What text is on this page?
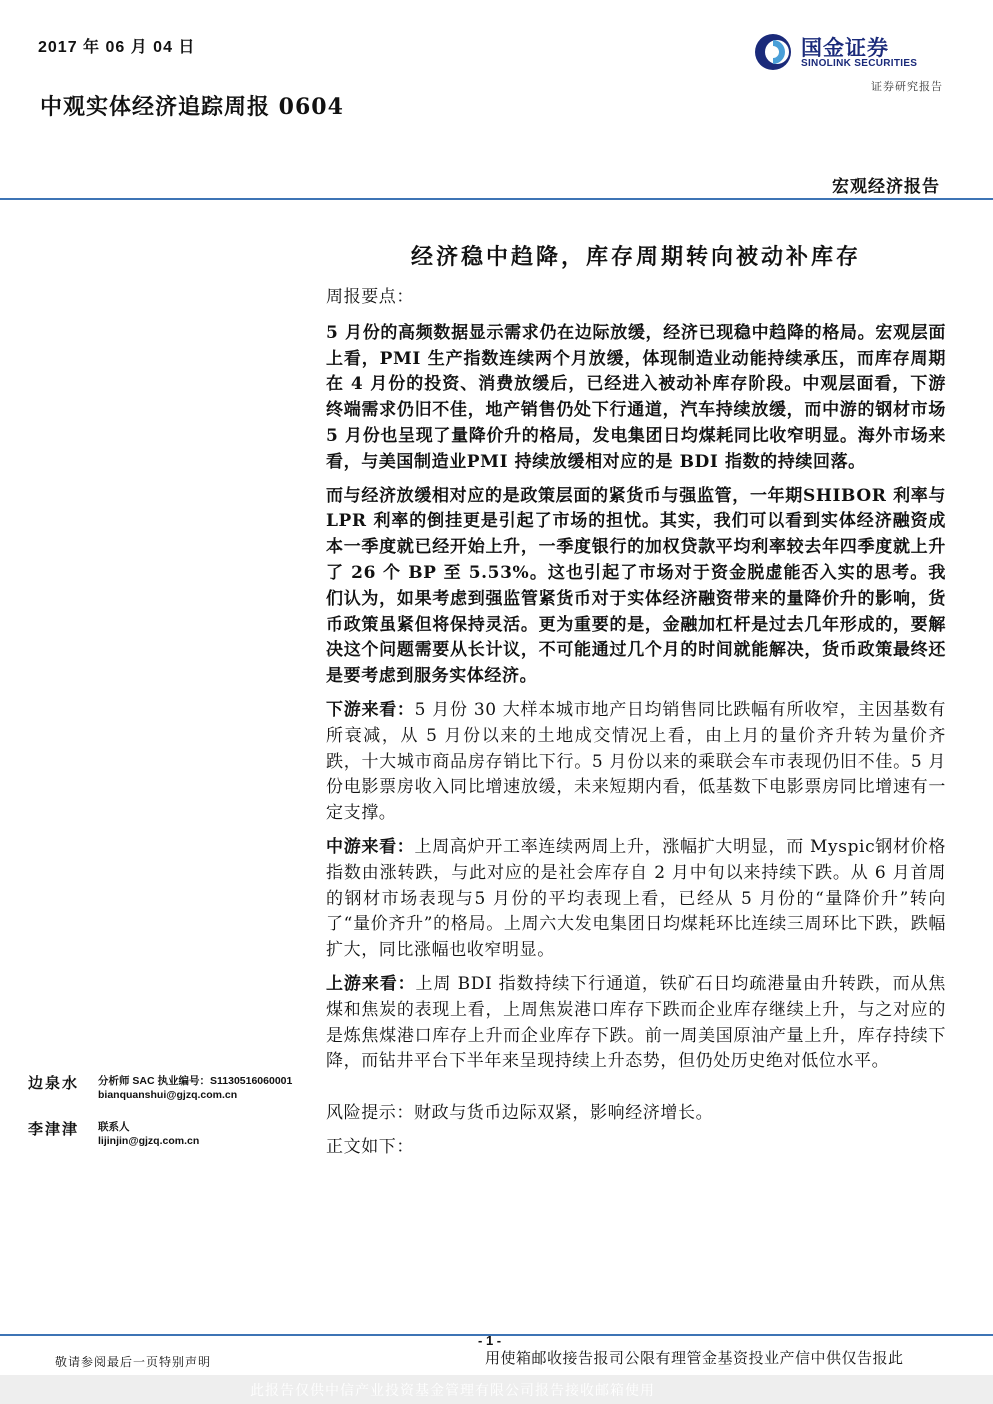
2017 年 06 月 04 日
中观实体经济追踪周报 0604
国金证券
SINOLINK SECURITIES
证券研究报告
宏观经济报告
经济稳中趋降，库存周期转向被动补库存

周报要点：

5 月份的高频数据显示需求仍在边际放缓，经济已现稳中趋降的格局。宏观层面上看，PMI 生产指数连续两个月放缓，体现制造业动能持续承压，而库存周期在 4 月份的投资、消费放缓后，已经进入被动补库存阶段。中观层面看，下游终端需求仍旧不佳，地产销售仍处下行通道，汽车持续放缓，而中游的钢材市场 5 月份也呈现了量降价升的格局，发电集团日均煤耗同比收窄明显。海外市场来看，与美国制造业PMI 持续放缓相对应的是 BDI 指数的持续回落。

而与经济放缓相对应的是政策层面的紧货币与强监管，一年期SHIBOR 利率与 LPR 利率的倒挂更是引起了市场的担忧。其实，我们可以看到实体经济融资成本一季度就已经开始上升，一季度银行的加权贷款平均利率较去年四季度就上升了 26 个 BP 至 5.53%。这也引起了市场对于资金脱虚能否入实的思考。我们认为，如果考虑到强监管紧货币对于实体经济融资带来的量降价升的影响，货币政策虽紧但将保持灵活。更为重要的是，金融加杠杆是过去几年形成的，要解决这个问题需要从长计议，不可能通过几个月的时间就能解决，货币政策最终还是要考虑到服务实体经济。

下游来看：5 月份 30 大样本城市地产日均销售同比跌幅有所收窄，主因基数有所衰减，从 5 月份以来的土地成交情况上看，由上月的量价齐升转为量价齐跌，十大城市商品房存销比下行。5 月份以来的乘联会车市表现仍旧不佳。5 月份电影票房收入同比增速放缓，未来短期内看，低基数下电影票房同比增速有一定支撑。

中游来看：上周高炉开工率连续两周上升，涨幅扩大明显，而 Myspic钢材价格指数由涨转跌，与此对应的是社会库存自 2 月中旬以来持续下跌。从 6 月首周的钢材市场表现与5 月份的平均表现上看，已经从 5 月份的“量降价升”转向了“量价齐升”的格局。上周六大发电集团日均煤耗环比连续三周环比下跌，跌幅扩大，同比涨幅也收窄明显。

上游来看：上周 BDI 指数持续下行通道，铁矿石日均疏港量由升转跌，而从焦煤和焦炭的表现上看，上周焦炭港口库存下跌而企业库存继续上升，与之对应的是炼焦煤港口库存上升而企业库存下跌。前一周美国原油产量上升，库存持续下降，而钻井平台下半年来呈现持续上升态势，但仍处历史绝对低位水平。

风险提示：财政与货币边际双紧，影响经济增长。

正文如下：

边泉水 分析师 SAC 执业编号：S1130516060001
bianquanshui@gjzq.com.cn
李津津 联系人
lijinjin@gjzq.com.cn
- 1 -
敬请参阅最后一页特别声明	用使箱邮收接告报司公限有理管金基资投业产信中供仅告报此
此报告仅供中信产业投资基金管理有限公司报告接收邮箱使用
